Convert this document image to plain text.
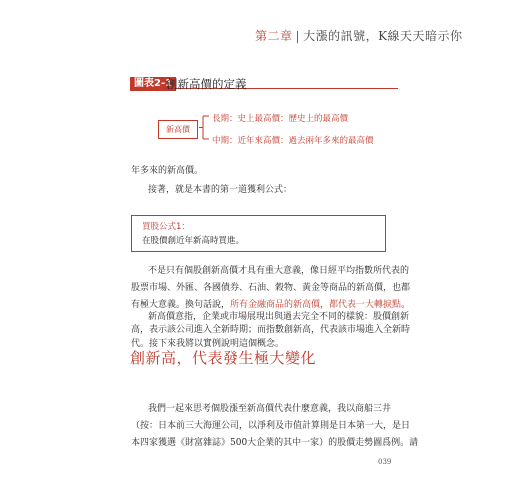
第二章 | 大漲的訊號，K線天天暗示你
圖表2-1
創新高價的定義
新高價
長期：史上最高價：歷史上的最高價
中期：近年來高價：過去兩年多來的最高價
年多來的新高價。
接著，就是本書的第一道獲利公式：
買股公式1：
在股價創近年新高時買進。
不是只有個股創新高價才具有重大意義，像日經平均指數所代表的
股票市場、外匯、各國債券、石油、穀物、黃金等商品的新高價，也都
有極大意義。換句話說，所有金融商品的新高價，都代表一大轉捩點。
新高價意指，企業或市場展現出與過去完全不同的樣貌：股價創新
高，表示該公司進入全新時期；而指數創新高，代表該市場進入全新時
代。接下來我將以實例說明這個概念。
創新高，代表發生極大變化
我們一起來思考個股漲至新高價代表什麼意義，我以商船三井
（按：日本前三大海運公司，以淨利及市值計算則是日本第一大，是日
本四家獲選《財富雜誌》500大企業的其中一家）的股價走勢圖爲例。請
039
